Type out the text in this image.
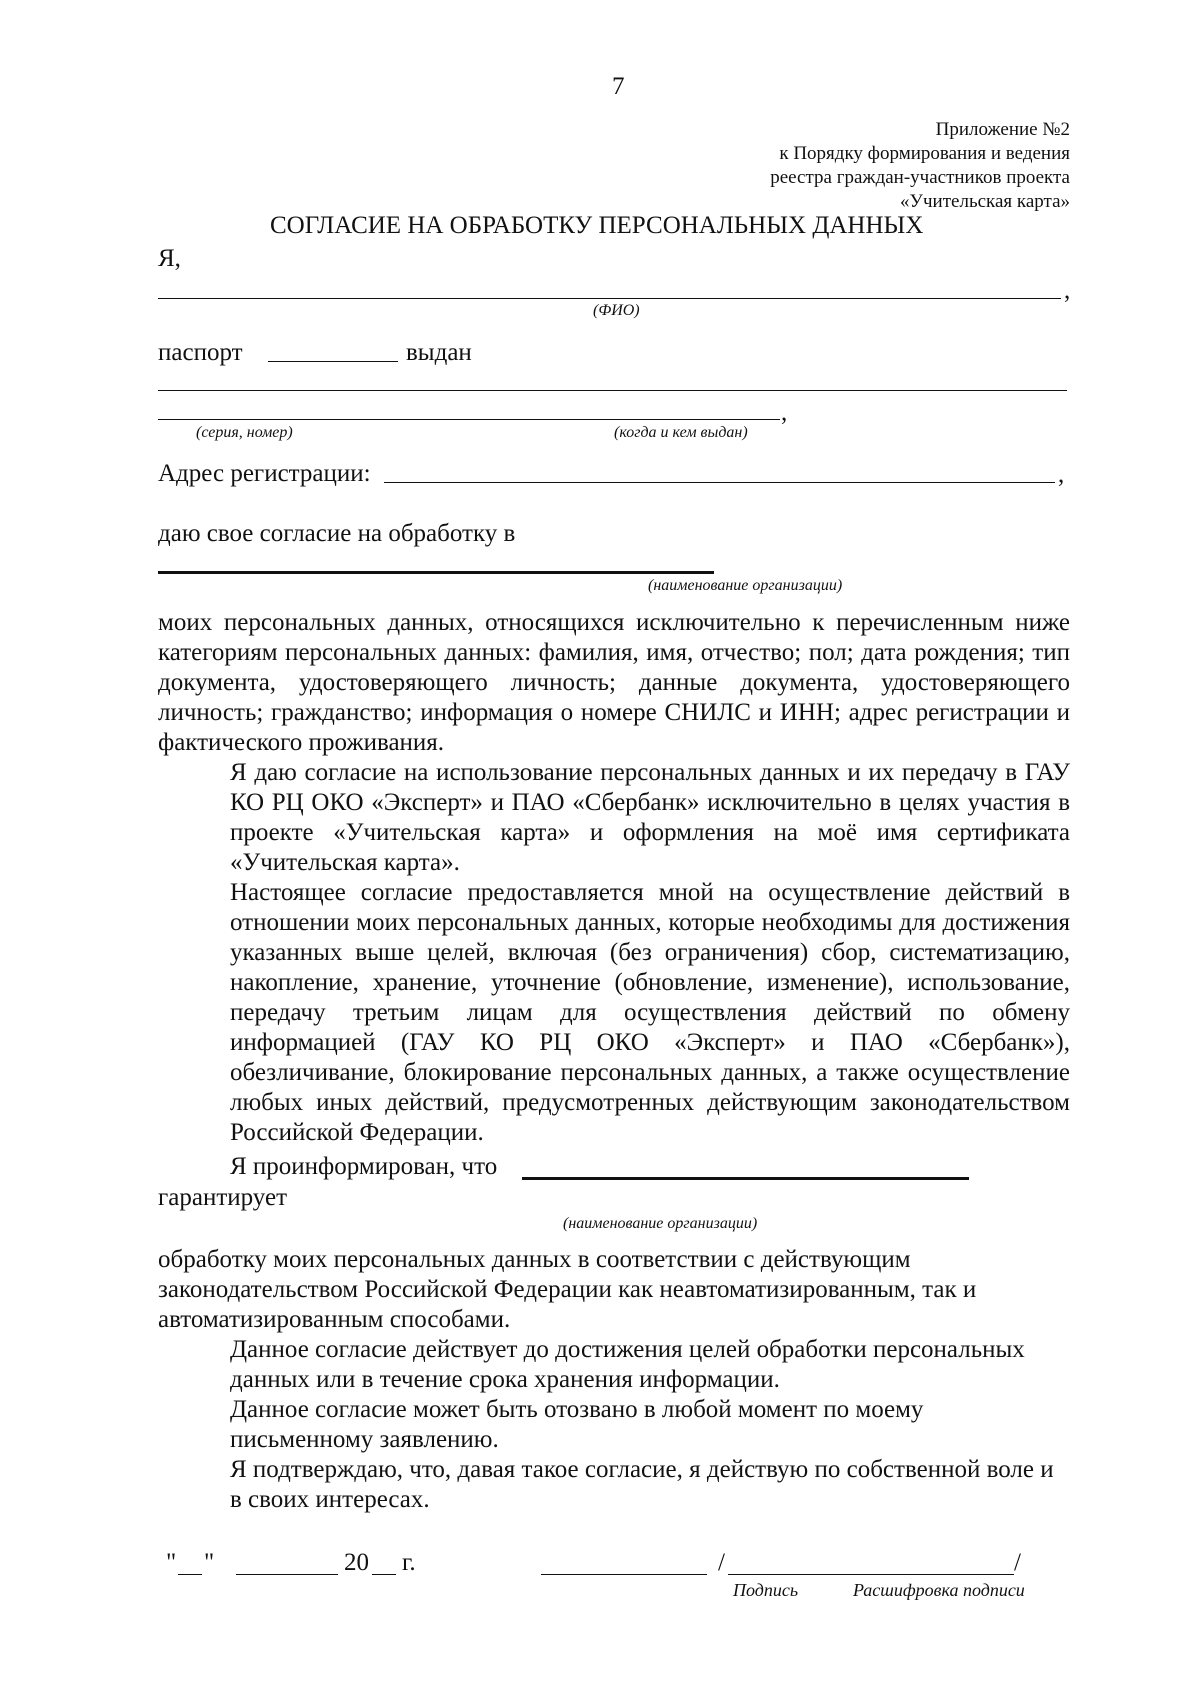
7
Приложение №2
к Порядку формирования и ведения
реестра граждан-участников проекта
«Учительская карта»
СОГЛАСИЕ НА ОБРАБОТКУ ПЕРСОНАЛЬНЫХ ДАННЫХ
Я,
,
(ФИО)
паспорт	выдан
,
(серия, номер)	(когда и кем выдан)
Адрес регистрации:	,
даю свое согласие на обработку в
(наименование организации)

моих персональных данных, относящихся исключительно к перечисленным ниже категориям персональных данных: фамилия, имя, отчество; пол; дата рождения; тип документа, удостоверяющего личность; данные документа, удостоверяющего личность; гражданство; информация о номере СНИЛС и ИНН; адрес регистрации и фактического проживания.

Я даю согласие на использование персональных данных и их передачу в ГАУ КО РЦ ОКО «Эксперт» и ПАО «Сбербанк» исключительно в целях участия в проекте «Учительская карта» и оформления на моё имя сертификата «Учительская карта».

Настоящее согласие предоставляется мной на осуществление действий в отношении моих персональных данных, которые необходимы для достижения указанных выше целей, включая (без ограничения) сбор, систематизацию, накопление, хранение, уточнение (обновление, изменение), использование, передачу третьим лицам для осуществления действий по обмену информацией (ГАУ КО РЦ ОКО «Эксперт» и ПАО «Сбербанк»), обезличивание, блокирование персональных данных, а также осуществление любых иных действий, предусмотренных действующим законодательством Российской Федерации.

Я проинформирован, что
гарантирует
(наименование организации)

обработку моих персональных данных в соответствии с действующим законодательством Российской Федерации как неавтоматизированным, так и автоматизированным способами.

Данное согласие действует до достижения целей обработки персональных данных или в течение срока хранения информации.

Данное согласие может быть отозвано в любой момент по моему письменному заявлению.

Я подтверждаю, что, давая такое согласие, я действую по собственной воле и в своих интересах.

" "	20 г.	/	/
Подпись	Расшифровка подписи
